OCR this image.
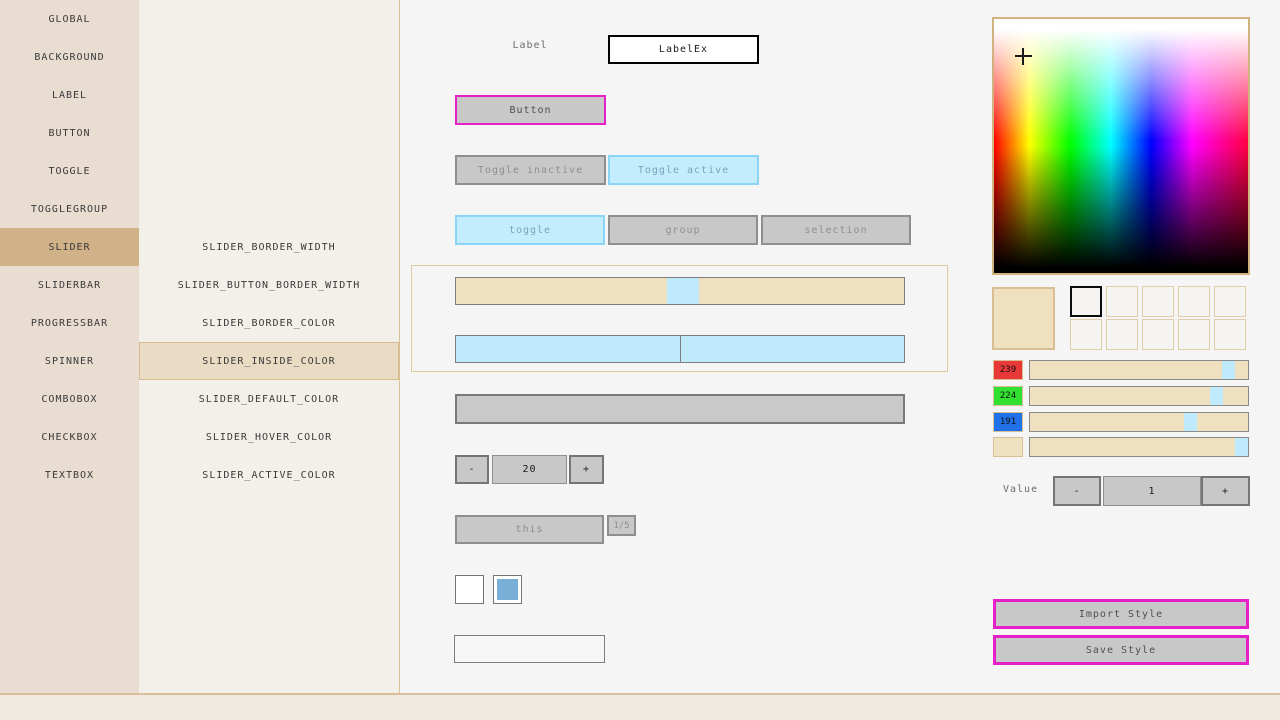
GLOBAL
BACKGROUND
LABEL
BUTTON
TOGGLE
TOGGLEGROUP
SLIDER
SLIDERBAR
PROGRESSBAR
SPINNER
COMBOBOX
CHECKBOX
TEXTBOX
SLIDER_BORDER_WIDTH
SLIDER_BUTTON_BORDER_WIDTH
SLIDER_BORDER_COLOR
SLIDER_INSIDE_COLOR
SLIDER_DEFAULT_COLOR
SLIDER_HOVER_COLOR
SLIDER_ACTIVE_COLOR
Label	LabelEx
Button
Toggle inactive	Toggle active
toggle	group	selection
-	20	+
this	1/5
239
224
191
Value	-	1	+
Import Style
Save Style
